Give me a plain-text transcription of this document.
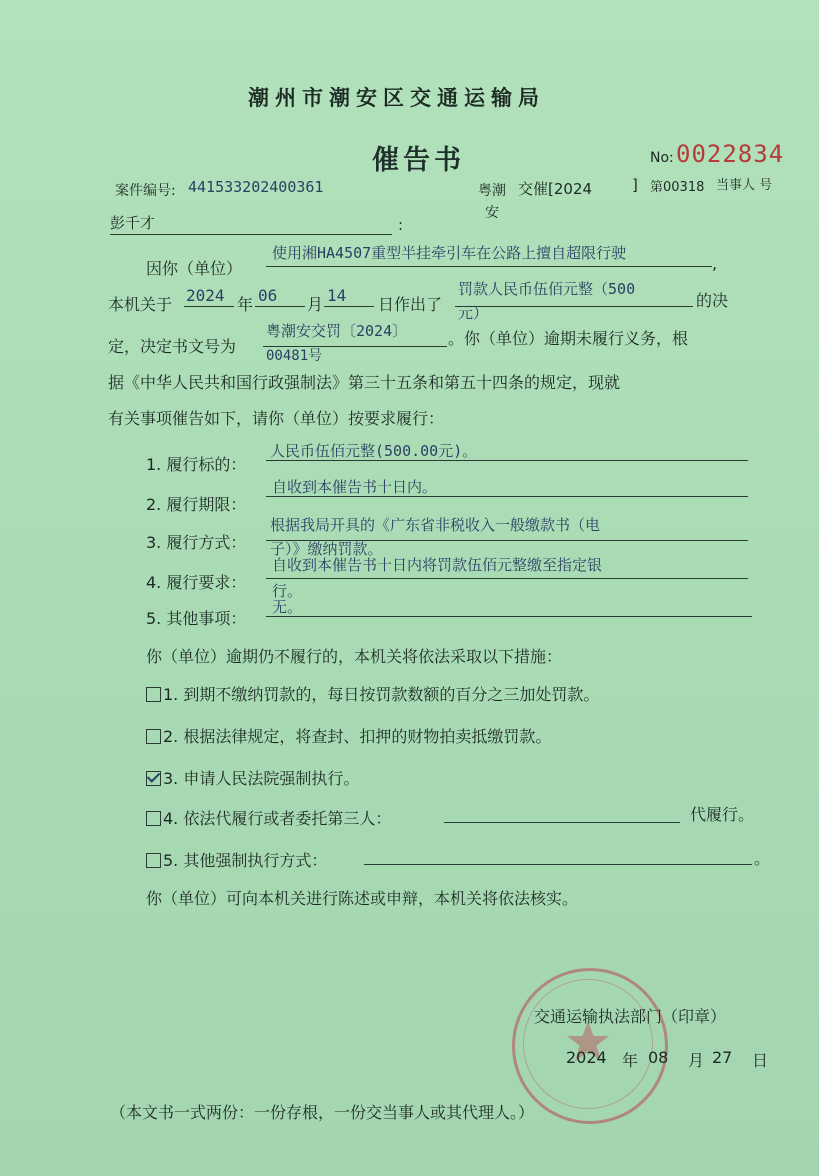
潮州市潮安区交通运输局
催告书	No: 0022834
案件编号: 441533202400361	粤潮安
交催[2024	] 第00318 当事人 号
彭千才	:
因你（单位）
使用湘HA4507重型半挂牵引车在公路上擅自超限行驶
,
本机关于 2024 年 06 月 14 日作出了
罚款人民币伍佰元整（500
元）
的决
定，决定书文号为
粤潮安交罚〔2024〕
00481号
。你（单位）逾期未履行义务，根
据《中华人民共和国行政强制法》第三十五条和第五十四条的规定，现就
有关事项催告如下，请你（单位）按要求履行：
1. 履行标的：
人民币伍佰元整(500.00元)。
2. 履行期限：
自收到本催告书十日内。
3. 履行方式：
根据我局开具的《广东省非税收入一般缴款书（电
子）》缴纳罚款。
4. 履行要求：
自收到本催告书十日内将罚款伍佰元整缴至指定银
行。
5. 其他事项：
无。
你（单位）逾期仍不履行的，本机关将依法采取以下措施：
1. 到期不缴纳罚款的，每日按罚款数额的百分之三加处罚款。
2. 根据法律规定，将查封、扣押的财物拍卖抵缴罚款。
3. 申请人民法院强制执行。
4. 依法代履行或者委托第三人：	代履行。
5. 其他强制执行方式：	。
你（单位）可向本机关进行陈述或申辩，本机关将依法核实。
交通运输执法部门（印章）
2024 年 08 月 27 日
（本文书一式两份：一份存根，一份交当事人或其代理人。）
